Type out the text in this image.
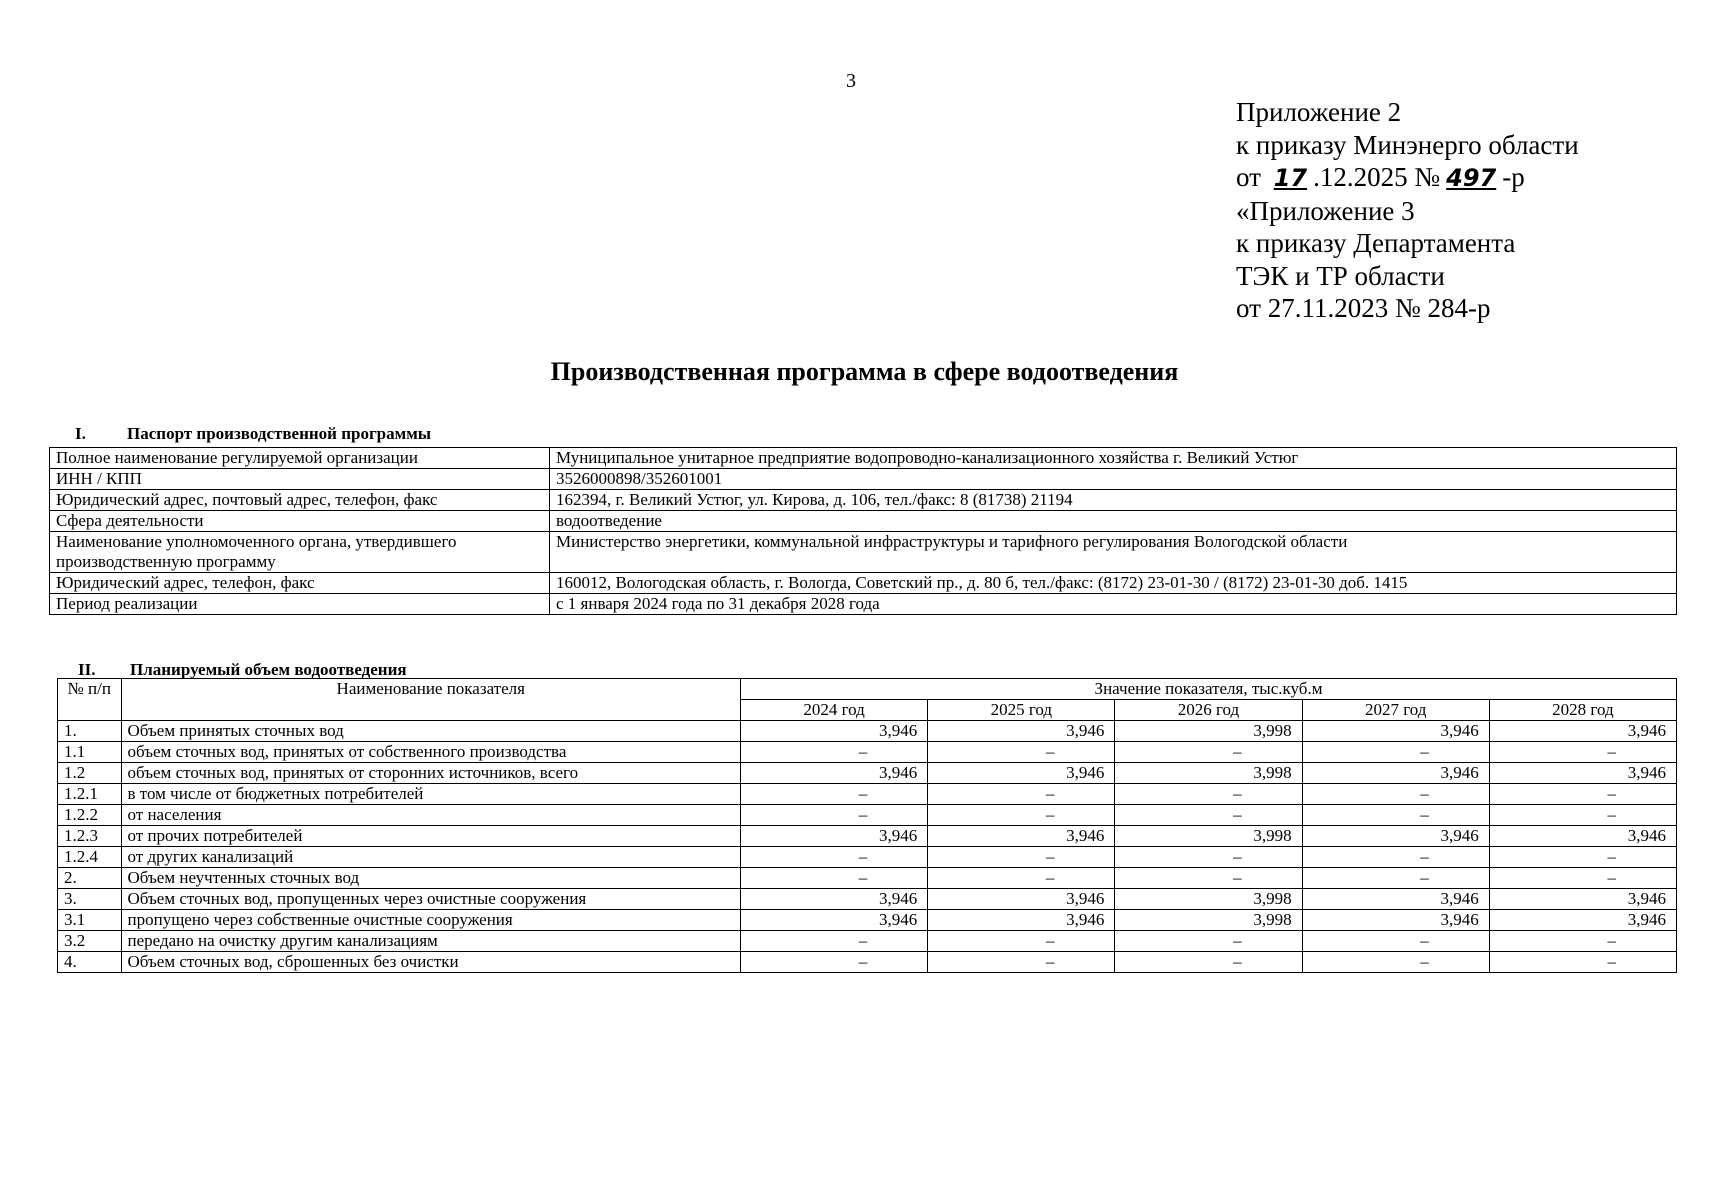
3
Приложение 2
к приказу Минэнерго области
от 17 .12.2025 № 497 -р
«Приложение 3
к приказу Департамента
ТЭК и ТР области
от 27.11.2023 № 284-р
Производственная программа в сфере водоотведения
I. Паспорт производственной программы
Полное наименование регулируемой организации	Муниципальное унитарное предприятие водопроводно-канализационного хозяйства г. Великий Устюг
ИНН / КПП	3526000898/352601001
Юридический адрес, почтовый адрес, телефон, факс	162394, г. Великий Устюг, ул. Кирова, д. 106, тел./факс: 8 (81738) 21194
Сфера деятельности	водоотведение
Наименование уполномоченного органа, утвердившего производственную программу	Министерство энергетики, коммунальной инфраструктуры и тарифного регулирования Вологодской области
Юридический адрес, телефон, факс	160012, Вологодская область, г. Вологда, Советский пр., д. 80 б, тел./факс: (8172) 23-01-30 / (8172) 23-01-30 доб. 1415
Период реализации	с 1 января 2024 года по 31 декабря 2028 года
II. Планируемый объем водоотведения
№ п/п	Наименование показателя	Значение показателя, тыс.куб.м				
		2024 год	2025 год	2026 год	2027 год	2028 год
1.	Объем принятых сточных вод	3,946	3,946	3,998	3,946	3,946
1.1	объем сточных вод, принятых от собственного производства	–	–	–	–	–
1.2	объем сточных вод, принятых от сторонних источников, всего	3,946	3,946	3,998	3,946	3,946
1.2.1	в том числе от бюджетных потребителей	–	–	–	–	–
1.2.2	от населения	–	–	–	–	–
1.2.3	от прочих потребителей	3,946	3,946	3,998	3,946	3,946
1.2.4	от других канализаций	–	–	–	–	–
2.	Объем неучтенных сточных вод	–	–	–	–	–
3.	Объем сточных вод, пропущенных через очистные сооружения	3,946	3,946	3,998	3,946	3,946
3.1	пропущено через собственные очистные сооружения	3,946	3,946	3,998	3,946	3,946
3.2	передано на очистку другим канализациям	–	–	–	–	–
4.	Объем сточных вод, сброшенных без очистки	–	–	–	–	–
